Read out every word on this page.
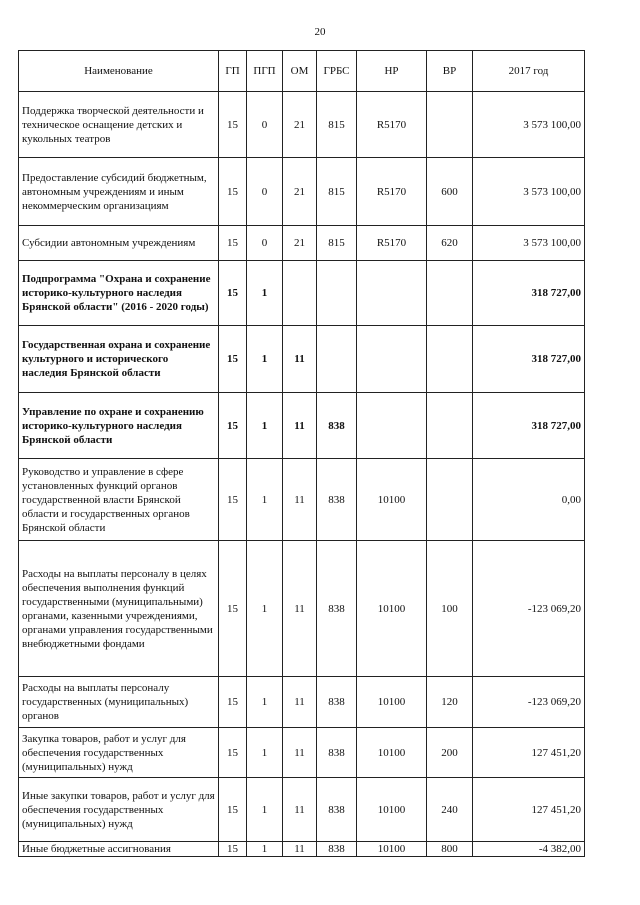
20
Наименование	ГП	ПГП	ОМ	ГРБС	НР	ВР	2017 год
Поддержка творческой деятельности и техническое оснащение детских и кукольных театров	15	0	21	815	R5170		3 573 100,00
Предоставление субсидий бюджетным, автономным учреждениям и иным некоммерческим организациям	15	0	21	815	R5170	600	3 573 100,00
Субсидии автономным учреждениям	15	0	21	815	R5170	620	3 573 100,00
Подпрограмма "Охрана и сохранение историко-культурного наследия Брянской области" (2016 - 2020 годы)	15	1					318 727,00
Государственная охрана и сохранение культурного и исторического наследия Брянской области	15	1	11				318 727,00
Управление по охране и сохранению историко-культурного наследия Брянской области	15	1	11	838			318 727,00
Руководство и управление в сфере установленных функций органов государственной власти Брянской области и государственных органов Брянской области	15	1	11	838	10100		0,00
Расходы на выплаты персоналу в целях обеспечения выполнения функций государственными (муниципальными) органами, казенными учреждениями, органами управления государственными внебюджетными фондами	15	1	11	838	10100	100	-123 069,20
Расходы на выплаты персоналу государственных (муниципальных) органов	15	1	11	838	10100	120	-123 069,20
Закупка товаров, работ и услуг для обеспечения государственных (муниципальных) нужд	15	1	11	838	10100	200	127 451,20
Иные закупки товаров, работ и услуг для обеспечения государственных (муниципальных) нужд	15	1	11	838	10100	240	127 451,20
Иные бюджетные ассигнования	15	1	11	838	10100	800	-4 382,00
